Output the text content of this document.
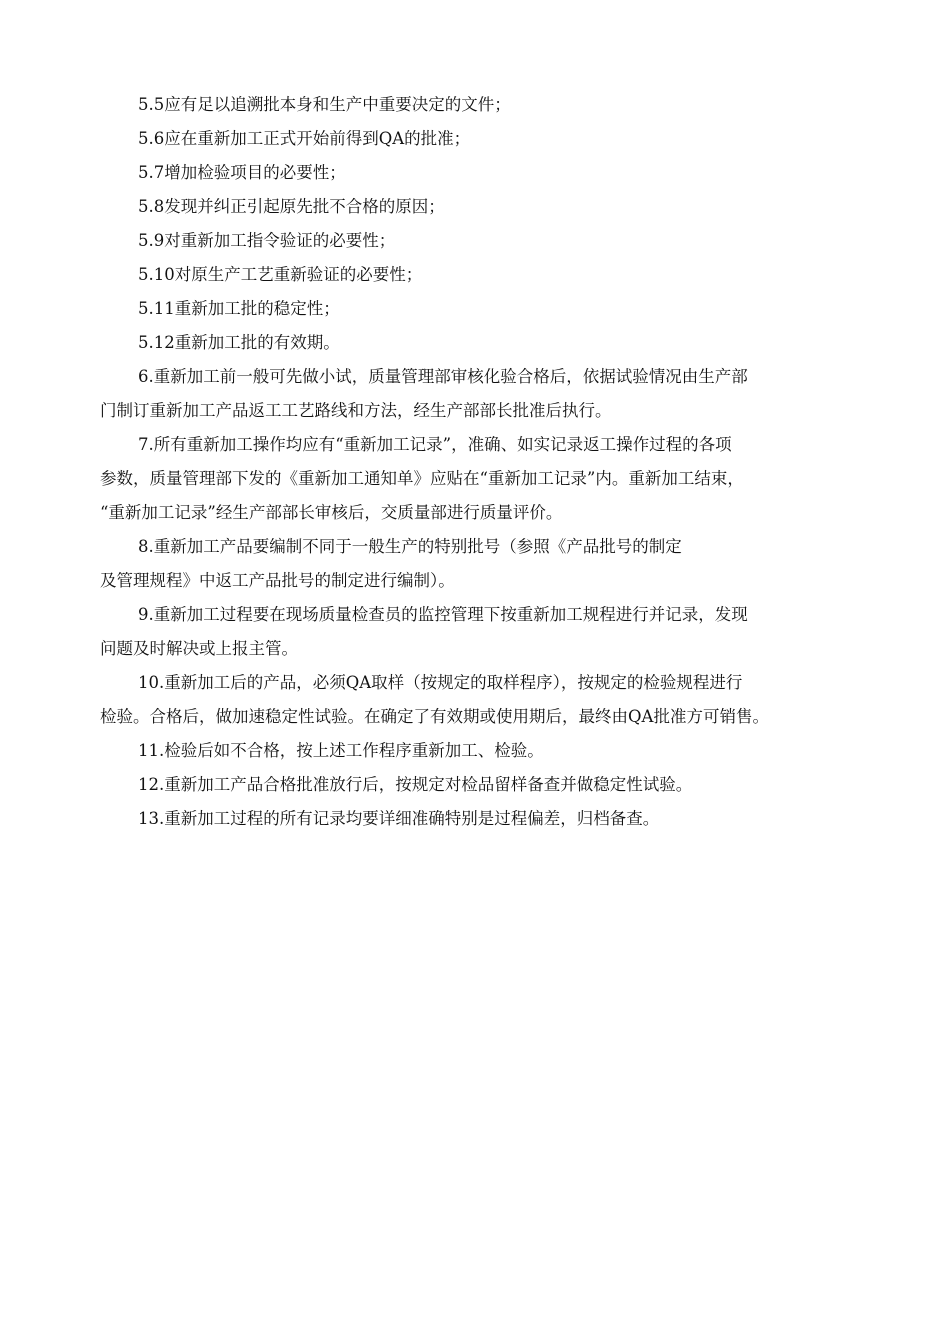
5.5应有足以追溯批本身和生产中重要决定的文件；

5.6应在重新加工正式开始前得到QA的批准；

5.7增加检验项目的必要性；

5.8发现并纠正引起原先批不合格的原因；

5.9对重新加工指令验证的必要性；

5.10对原生产工艺重新验证的必要性；

5.11重新加工批的稳定性；

5.12重新加工批的有效期。

6.重新加工前一般可先做小试，质量管理部审核化验合格后，依据试验情况由生产部
门制订重新加工产品返工工艺路线和方法，经生产部部长批准后执行。

7.所有重新加工操作均应有“重新加工记录”，准确、如实记录返工操作过程的各项
参数，质量管理部下发的《重新加工通知单》应贴在“重新加工记录”内。重新加工结束，
“重新加工记录”经生产部部长审核后，交质量部进行质量评价。

8.重新加工产品要编制不同于一般生产的特别批号（参照《产品批号的制定
及管理规程》中返工产品批号的制定进行编制）。

9.重新加工过程要在现场质量检查员的监控管理下按重新加工规程进行并记录，发现
问题及时解决或上报主管。

10.重新加工后的产品，必须QA取样（按规定的取样程序），按规定的检验规程进行
检验。合格后，做加速稳定性试验。在确定了有效期或使用期后，最终由QA批准方可销售。

11.检验后如不合格，按上述工作程序重新加工、检验。

12.重新加工产品合格批准放行后，按规定对检品留样备查并做稳定性试验。

13.重新加工过程的所有记录均要详细准确特别是过程偏差，归档备查。
